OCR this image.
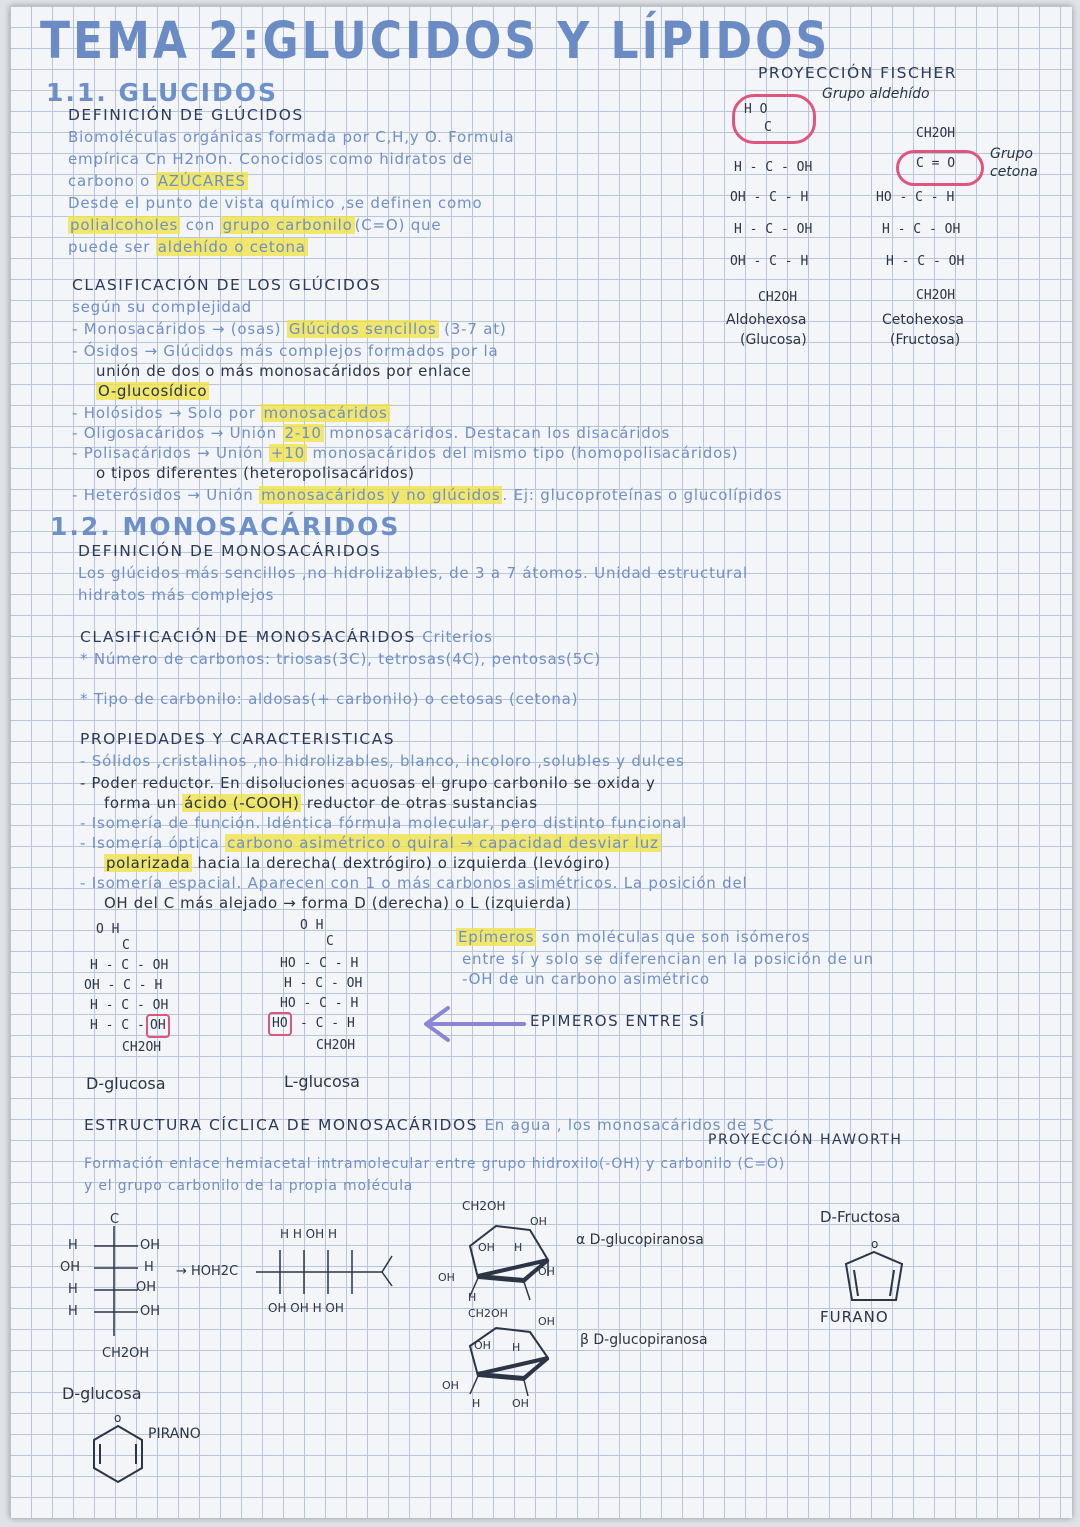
TEMA 2:GLUCIDOS Y LÍPIDOS
1.1. GLUCIDOS
DEFINICIÓN DE GLÚCIDOS
Biomoléculas orgánicas formada por C,H,y O. Formula
empírica Cn H2nOn. Conocidos como hidratos de
carbono o AZÚCARES
Desde el punto de vista químico ,se definen como
polialcoholes con grupo carbonilo (C=O) que
puede ser aldehído o cetona
CLASIFICACIÓN DE LOS GLÚCIDOS
según su complejidad
- Monosacáridos → (osas) Glúcidos sencillos (3-7 at)
- Ósidos → Glúcidos más complejos formados por la
unión de dos o más monosacáridos por enlace
O-glucosídico
- Holósidos → Solo por monosacáridos
- Oligosacáridos → Unión 2-10 monosacáridos. Destacan los disacáridos
- Polisacáridos → Unión +10 monosacáridos del mismo tipo (homopolisacáridos)
o tipos diferentes (heteropolisacáridos)
- Heterósidos → Unión monosacáridos y no glúcidos . Ej: glucoproteínas o glucolípidos
PROYECCIÓN FISCHER
Grupo aldehído
H O
C
H - C - OH
OH - C - H
H - C - OH
OH - C - H
CH2OH
Aldohexosa
(Glucosa)
CH2OH
C = O
Grupo
cetona
HO - C - H
H - C - OH
H - C - OH
CH2OH
Cetohexosa
(Fructosa)
1.2. MONOSACÁRIDOS
DEFINICIÓN DE MONOSACÁRIDOS
Los glúcidos más sencillos ,no hidrolizables, de 3 a 7 átomos. Unidad estructural
hidratos más complejos
CLASIFICACIÓN DE MONOSACÁRIDOS Criterios
* Número de carbonos: triosas(3C), tetrosas(4C), pentosas(5C)
* Tipo de carbonilo: aldosas(+ carbonilo) o cetosas (cetona)
PROPIEDADES Y CARACTERISTICAS
- Sólidos ,cristalinos ,no hidrolizables, blanco, incoloro ,solubles y dulces
- Poder reductor. En disoluciones acuosas el grupo carbonilo se oxida y
forma un ácido (-COOH) reductor de otras sustancias
- Isomería de función. Idéntica fórmula molecular, pero distinto funcional
- Isomería óptica carbono asimétrico o quiral → capacidad desviar luz
polarizada hacia la derecha( dextrógiro) o izquierda (levógiro)
- Isomería espacial. Aparecen con 1 o más carbonos asimétricos. La posición del
OH del C más alejado → forma D (derecha) o L (izquierda)
O H
C
H - C - OH
OH - C - H
H - C - OH
H - C - OH
CH2OH
D-glucosa
O H
C
HO - C - H
H - C - OH
HO - C - H
HO - C - H
CH2OH
L-glucosa
Epímeros son moléculas que son isómeros
entre sí y solo se diferencian en la posición de un
-OH de un carbono asimétrico
EPIMEROS ENTRE SÍ
ESTRUCTURA CÍCLICA DE MONOSACÁRIDOS En agua , los monosacáridos de 5C
PROYECCIÓN HAWORTH
Formación enlace hemiacetal intramolecular entre grupo hidroxilo(-OH) y carbonilo (C=O)
y el grupo carbonilo de la propia molécula
C
H
OH
H
H
OH
H
OH
OH
CH2OH
D-glucosa
→ HOH2C
H H OH H
OH OH H OH
CH2OH
OH H
OH
OH
H
OH
α D-glucopiranosa
CH2OH
OH H
OH
OH
H	OH
β D-glucopiranosa
D-Fructosa
o
FURANO
o
PIRANO
